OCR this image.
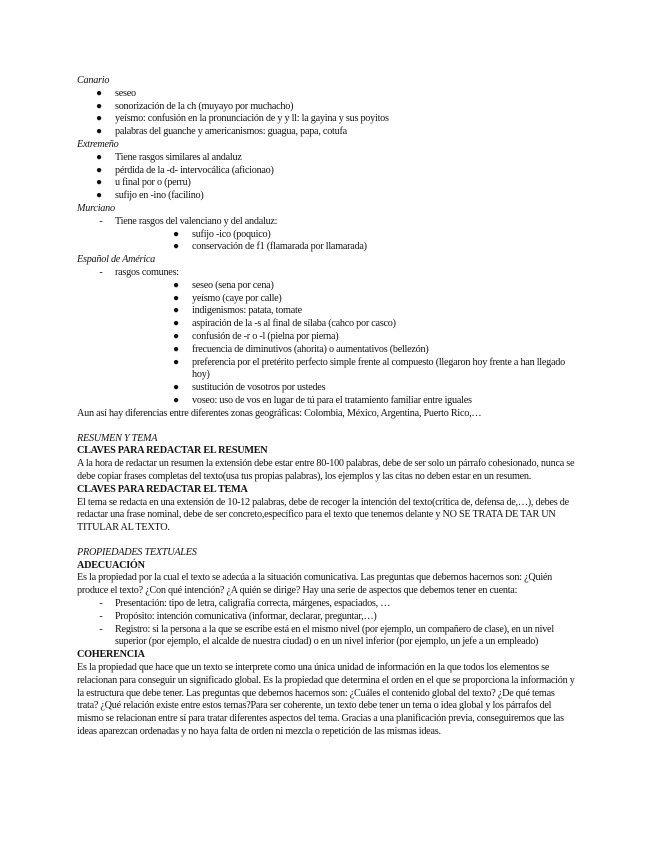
Canario
● seseo
● sonorización de la ch (muyayo por muchacho)
● yeísmo: confusión en la pronunciación de y y ll: la gayina y sus poyitos
● palabras del guanche y americanismos: guagua, papa, cotufa
Extremeño
● Tiene rasgos similares al andaluz
● pérdida de la -d- intervocálica (aficionao)
● u final por o (perru)
● sufijo en -ino (facilino)
Murciano
-	Tiene rasgos del valenciano y del andaluz:
● sufijo -ico (poquico)
● conservación de f1 (flamarada por llamarada)
Español de América
-	rasgos comunes:
● seseo (sena por cena)
● yeísmo (caye por calle)
● indigenismos: patata, tomate
● aspiración de la -s al final de sílaba (cahco por casco)
● confusión de -r o -l (pielna por pierna)
● frecuencia de diminutivos (ahorita) o aumentativos (bellezón)
● preferencia por el pretérito perfecto simple frente al compuesto (llegaron hoy frente a han llegado hoy)
● sustitución de vosotros por ustedes
● voseo: uso de vos en lugar de tú para el tratamiento familiar entre iguales

Aun así hay diferencias entre diferentes zonas geográficas: Colombia, México, Argentina, Puerto Rico,…

RESUMEN Y TEMA
CLAVES PARA REDACTAR EL RESUMEN

A la hora de redactar un resumen la extensión debe estar entre 80-100 palabras, debe de ser solo un párrafo cohesionado, nunca se debe copiar frases completas del texto(usa tus propias palabras), los ejemplos y las citas no deben estar en un resumen.

CLAVES PARA REDACTAR EL TEMA

El tema se redacta en una extensión de 10-12 palabras, debe de recoger la intención del texto(crítica de, defensa de,…), debes de redactar una frase nominal, debe de ser concreto,específico para el texto que tenemos delante y NO SE TRATA DE TAR UN TITULAR AL TEXTO.

PROPIEDADES TEXTUALES
ADECUACIÓN

Es la propiedad por la cual el texto se adecúa a la situación comunicativa. Las preguntas que debemos hacernos son: ¿Quién produce el texto? ¿Con qué intención? ¿A quién se dirige? Hay una serie de aspectos que debemos tener en cuenta:

-	Presentación: tipo de letra, caligrafía correcta, márgenes, espaciados, …
-	Propósito: intención comunicativa (informar, declarar, preguntar,…)
-	Registro: si la persona a la que se escribe está en el mismo nivel (por ejemplo, un compañero de clase), en un nivel superior (por ejemplo, el alcalde de nuestra ciudad) o en un nivel inferior (por ejemplo, un jefe a un empleado)
COHERENCIA

Es la propiedad que hace que un texto se interprete como una única unidad de información en la que todos los elementos se relacionan para conseguir un significado global. Es la propiedad que determina el orden en el que se proporciona la información y la estructura que debe tener. Las preguntas que debemos hacernos son: ¿Cuáles el contenido global del texto? ¿De qué temas trata? ¿Qué relación existe entre estos temas?Para ser coherente, un texto debe tener un tema o idea global y los párrafos del mismo se relacionan entre sí para tratar diferentes aspectos del tema. Gracias a una planificación previa, conseguiremos que las ideas aparezcan ordenadas y no haya falta de orden ni mezcla o repetición de las mismas ideas.
